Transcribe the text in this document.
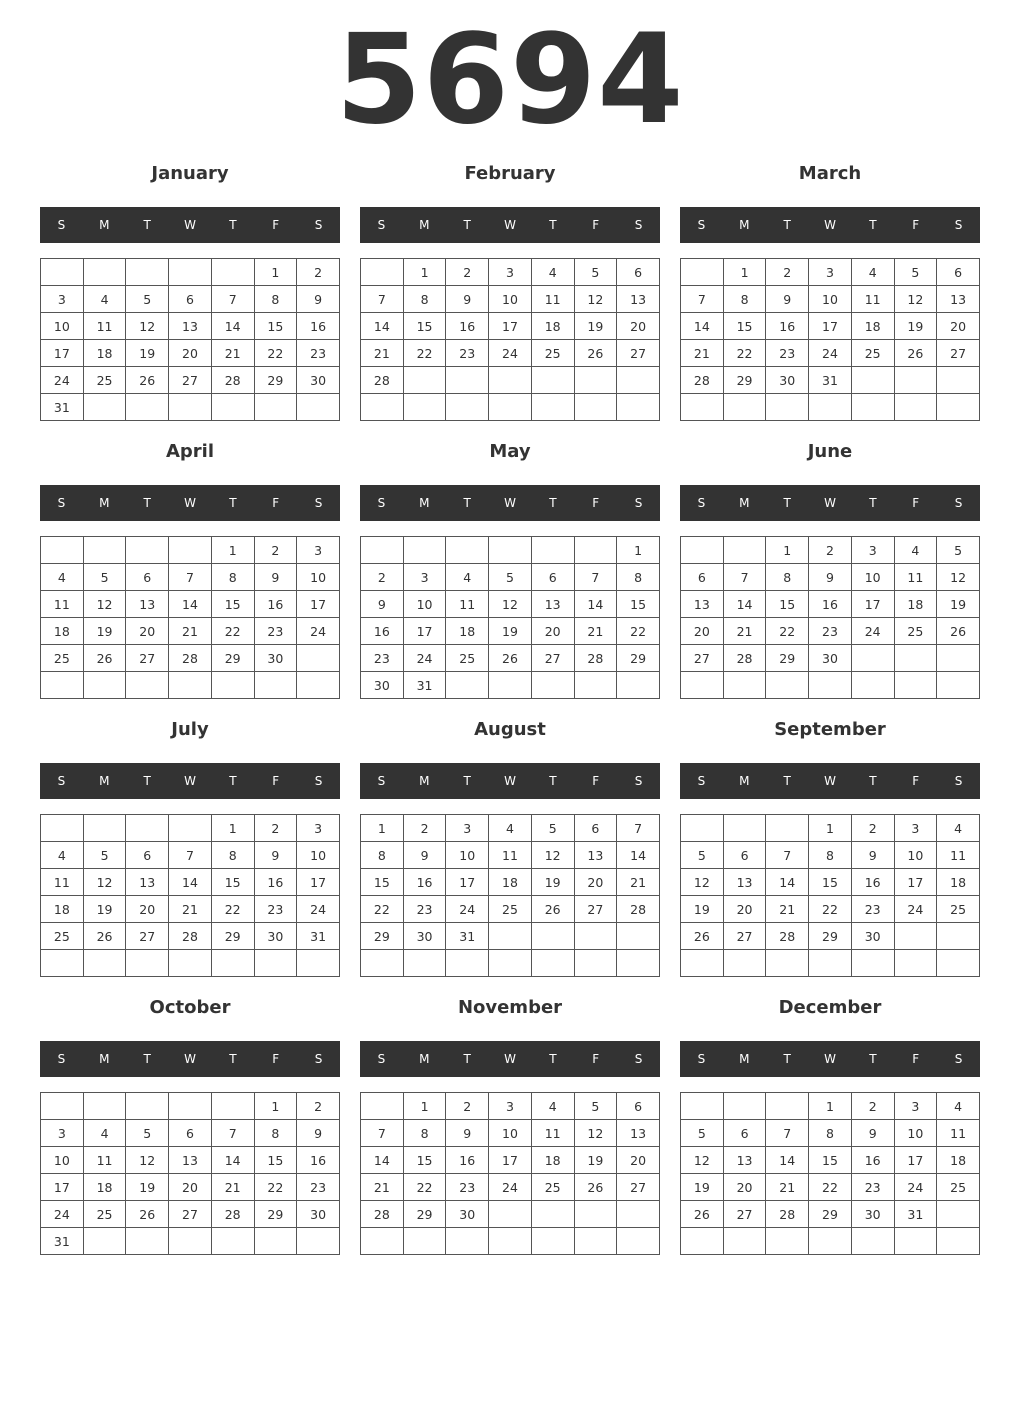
5694
January
S	M	T	W	T	F	S
					1	2
3	4	5	6	7	8	9
10	11	12	13	14	15	16
17	18	19	20	21	22	23
24	25	26	27	28	29	30
31						
February
S	M	T	W	T	F	S
	1	2	3	4	5	6
7	8	9	10	11	12	13
14	15	16	17	18	19	20
21	22	23	24	25	26	27
28						

March
S	M	T	W	T	F	S
	1	2	3	4	5	6
7	8	9	10	11	12	13
14	15	16	17	18	19	20
21	22	23	24	25	26	27
28	29	30	31			

April
S	M	T	W	T	F	S
				1	2	3
4	5	6	7	8	9	10
11	12	13	14	15	16	17
18	19	20	21	22	23	24
25	26	27	28	29	30	

May
S	M	T	W	T	F	S
						1
2	3	4	5	6	7	8
9	10	11	12	13	14	15
16	17	18	19	20	21	22
23	24	25	26	27	28	29
30	31					
June
S	M	T	W	T	F	S
		1	2	3	4	5
6	7	8	9	10	11	12
13	14	15	16	17	18	19
20	21	22	23	24	25	26
27	28	29	30			

July
S	M	T	W	T	F	S
				1	2	3
4	5	6	7	8	9	10
11	12	13	14	15	16	17
18	19	20	21	22	23	24
25	26	27	28	29	30	31

August
S	M	T	W	T	F	S
1	2	3	4	5	6	7
8	9	10	11	12	13	14
15	16	17	18	19	20	21
22	23	24	25	26	27	28
29	30	31				

September
S	M	T	W	T	F	S
			1	2	3	4
5	6	7	8	9	10	11
12	13	14	15	16	17	18
19	20	21	22	23	24	25
26	27	28	29	30		

October
S	M	T	W	T	F	S
					1	2
3	4	5	6	7	8	9
10	11	12	13	14	15	16
17	18	19	20	21	22	23
24	25	26	27	28	29	30
31						
November
S	M	T	W	T	F	S
	1	2	3	4	5	6
7	8	9	10	11	12	13
14	15	16	17	18	19	20
21	22	23	24	25	26	27
28	29	30				

December
S	M	T	W	T	F	S
			1	2	3	4
5	6	7	8	9	10	11
12	13	14	15	16	17	18
19	20	21	22	23	24	25
26	27	28	29	30	31	
